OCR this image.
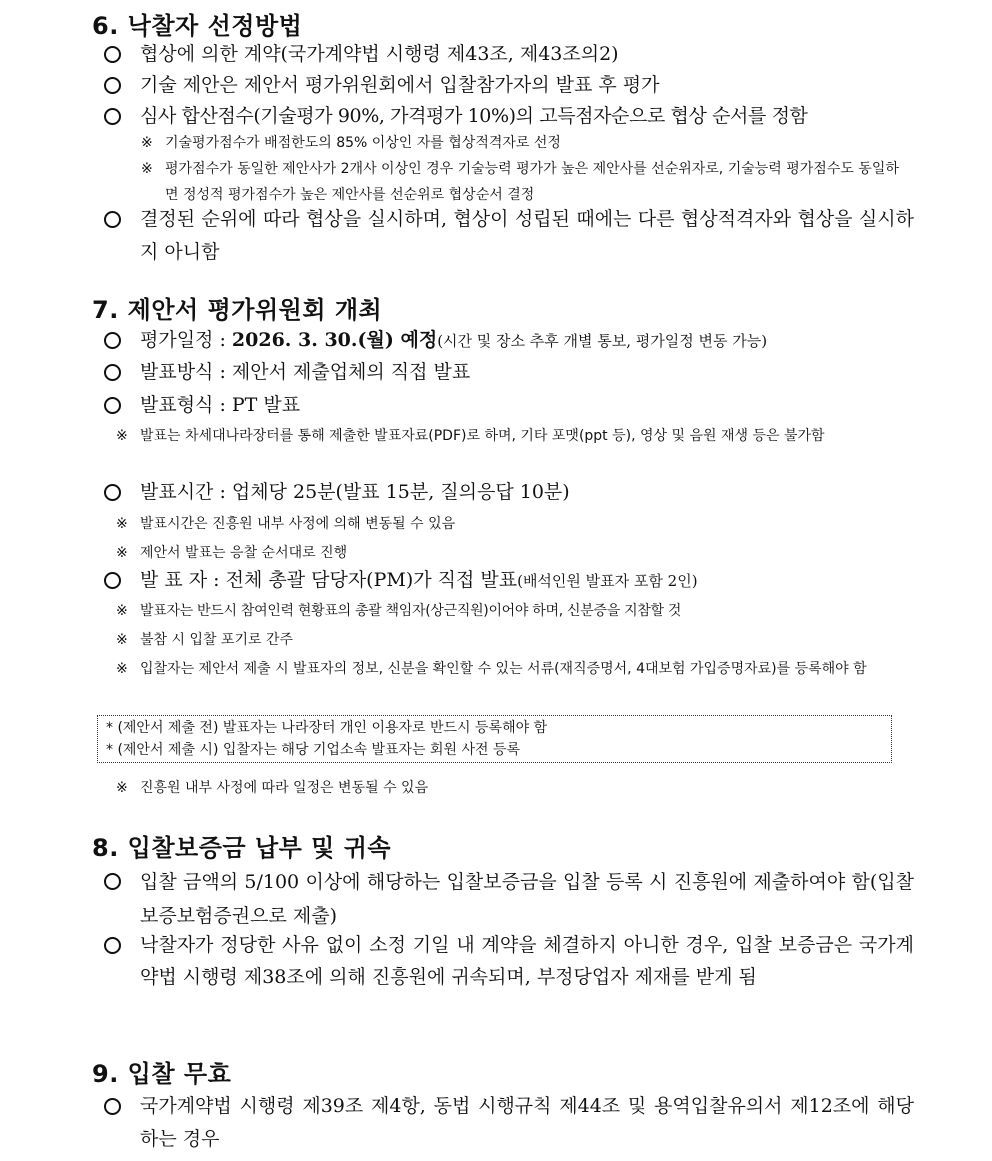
6. 낙찰자 선정방법
협상에 의한 계약(국가계약법 시행령 제43조, 제43조의2)
기술 제안은 제안서 평가위원회에서 입찰참가자의 발표 후 평가
심사 합산점수(기술평가 90%, 가격평가 10%)의 고득점자순으로 협상 순서를 정함
※ 기술평가점수가 배점한도의 85% 이상인 자를 협상적격자로 선정
※ 평가점수가 동일한 제안사가 2개사 이상인 경우 기술능력 평가가 높은 제안사를 선순위자로, 기술능력 평가점수도 동일하면 정성적 평가점수가 높은 제안사를 선순위로 협상순서 결정
결정된 순위에 따라 협상을 실시하며, 협상이 성립된 때에는 다른 협상적격자와 협상을 실시하지 아니함
7. 제안서 평가위원회 개최
평가일정 : 2026. 3. 30.(월) 예정(시간 및 장소 추후 개별 통보, 평가일정 변동 가능)
발표방식 : 제안서 제출업체의 직접 발표
발표형식 : PT 발표
※ 발표는 차세대나라장터를 통해 제출한 발표자료(PDF)로 하며, 기타 포맷(ppt 등), 영상 및 음원 재생 등은 불가함
발표시간 : 업체당 25분(발표 15분, 질의응답 10분)
※ 발표시간은 진흥원 내부 사정에 의해 변동될 수 있음
※ 제안서 발표는 응찰 순서대로 진행
발 표 자 : 전체 총괄 담당자(PM)가 직접 발표(배석인원 발표자 포함 2인)
※ 발표자는 반드시 참여인력 현황표의 총괄 책임자(상근직원)이어야 하며, 신분증을 지참할 것
※ 불참 시 입찰 포기로 간주
※ 입찰자는 제안서 제출 시 발표자의 정보, 신분을 확인할 수 있는 서류(재직증명서, 4대보험 가입증명자료)를 등록해야 함
* (제안서 제출 전) 발표자는 나라장터 개인 이용자로 반드시 등록해야 함
* (제안서 제출 시) 입찰자는 해당 기업소속 발표자는 회원 사전 등록
※ 진흥원 내부 사정에 따라 일정은 변동될 수 있음
8. 입찰보증금 납부 및 귀속
입찰 금액의 5/100 이상에 해당하는 입찰보증금을 입찰 등록 시 진흥원에 제출하여야 함(입찰보증보험증권으로 제출)
낙찰자가 정당한 사유 없이 소정 기일 내 계약을 체결하지 아니한 경우, 입찰 보증금은 국가계약법 시행령 제38조에 의해 진흥원에 귀속되며, 부정당업자 제재를 받게 됨
9. 입찰 무효
국가계약법 시행령 제39조 제4항, 동법 시행규칙 제44조 및 용역입찰유의서 제12조에 해당하는 경우
